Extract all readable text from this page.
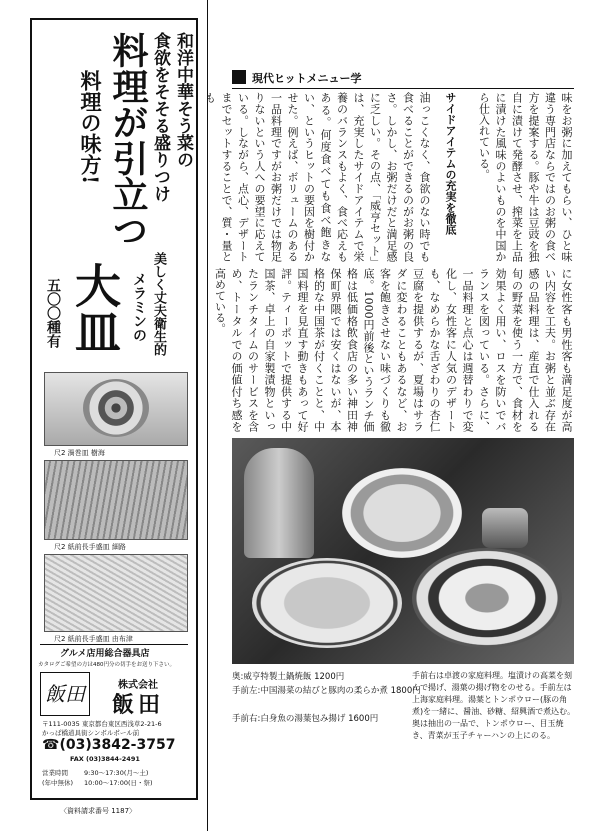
和洋中華そう菜の
食欲をそそる盛りつけ
料理が引立つ
料理の味方!
美しく丈夫衛生的
メラミンの
大皿
五〇〇種有
尺2 渦巻皿 樹海
尺2 紙前長手盛皿 細路
尺2 紙前長手盛皿 由布津
グルメ店用総合器具店
カタログご希望の方は480円分の切手をお送り下さい。
飯田	株式会社
飯田
〒111-0035 東京都台東区西浅草2-21-6
かっぱ橋道具街シンボルポール前
☎(03)3842-3757
FAX (03)3844-2491
営業時間 9:30〜17:30(月〜土)
(年中無休) 10:00〜17:00(日・祭)
〈資料請求番号 1187〉
現代ヒットメニュー学
味をお粥に加えてもらい、ひと味違う専門店ならではのお粥の食べ方を提案する。豚や牛は豆豉を独自に漬けて発酵させ、搾菜を上品に漬けた風味のよいものを中国から仕入れている。
サイドアイテムの充実を徹底
油っこくなく、食欲のない時でも食べることができるのがお粥の良さ。しかし、お粥だけだと満足感に乏しい。その点、「威亨セット」は、充実したサイドアイテムで栄養のバランスもよく、食べ応えもある。何度食べても食べ飽きない、というヒットの要因を樹付かせた。例えば、ボリュームのある一品料理ですがお粥だけでは物足りないという人への要望に応えている。しながら、点心、デザートまでセットすることで、質・量とも
に女性客も男性客も満足度が高い内容を工夫。お粥と並ぶ存在感の品料理は、産直で仕入れる旬の野菜を使う一方で、食材を効果よく用い、ロスを防いでバランスを図っている。さらに、一品料理と点心は週替わりで変化し、女性客に人気のデザートも、なめらかな舌ざわりの杏仁豆腐を提供するが、夏場はサラダに変わることもあるなど、お客を飽きさせない味づくりも徹底。1000円前後というランチ価格は低価格飲食店の多い神田神保町界隈では安くはないが、本格的な中国茶が付くことと、中国料理を見直す動きもあって好評。ティーポットで提供する中国茶、卓上の自家製漬物といったランチタイムのサービスを含め、トータルでの価値付ち感を高めている。
奥:威亨特製土鍋焼飯 1200円
手前左:中国湯菜の結びと豚肉の柔らか煮 1800円
手前右:白身魚の湯葉包み揚げ 1600円
手前右は卓渡の家庭料理。塩漬けの高菜を刻んで揚げ、湯葉の揚げ物をのせる。手前左は上海家庭料理。湯葉とトンポウロー(豚の角煮)を一緒に、醤油、砂糖、紹興酒で煮込む。奥は抽出の一品で、トンポウロー、目玉焼き、青菜が玉子チャーハンの上にのる。
